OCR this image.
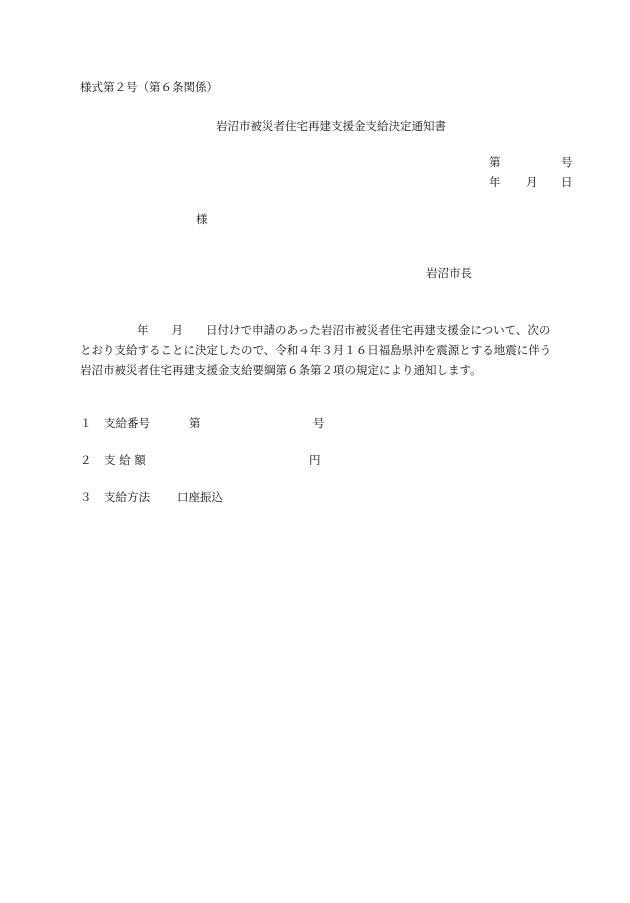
様式第２号（第６条関係）
岩沼市被災者住宅再建支援金支給決定通知書
第	号
年 月 日
様
岩沼市長

年 月 日付けで申請のあった岩沼市被災者住宅再建支援金について、次のとおり支給することに決定したので、令和４年３月１６日福島県沖を震源とする地震に伴う岩沼市被災者住宅再建支援金支給要綱第６条第２項の規定により通知します。

１ 支給番号	第	号
２ 支 給 額	円
３ 支給方法 口座振込
